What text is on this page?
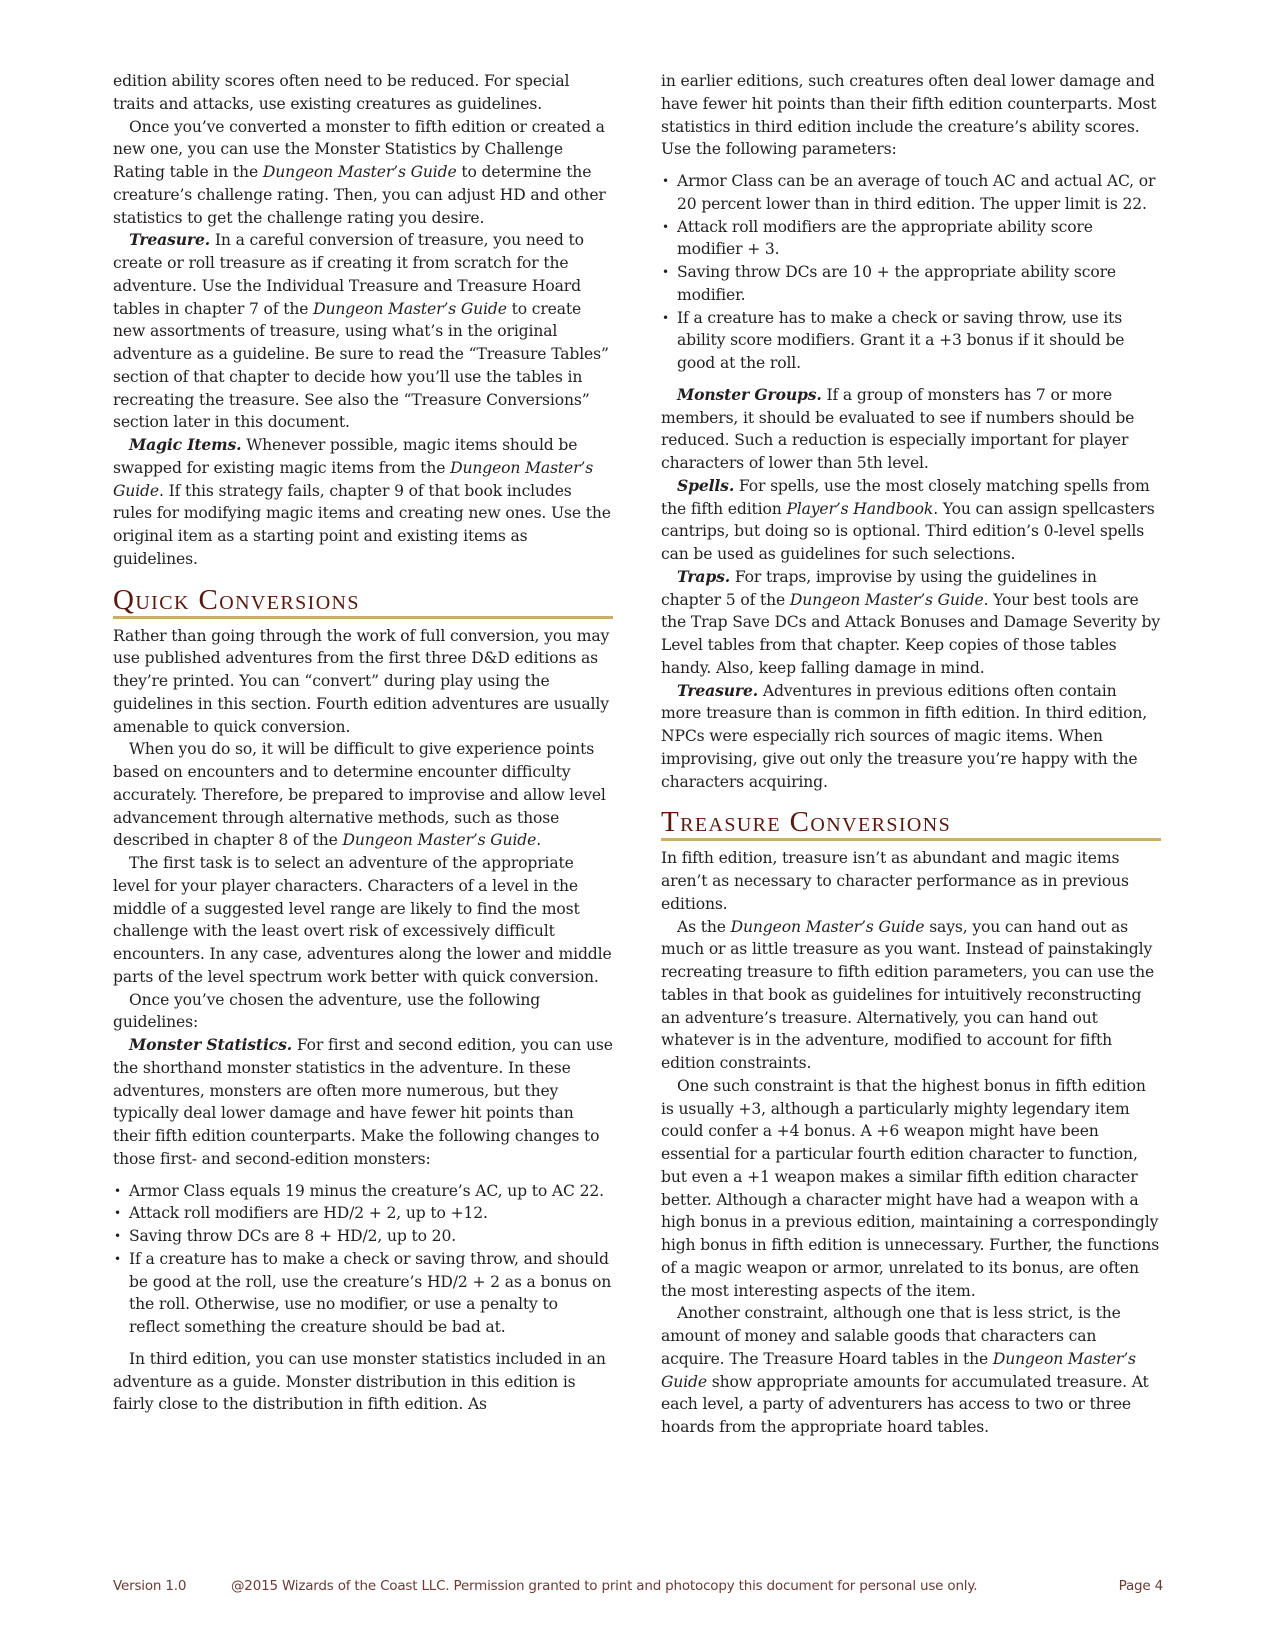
edition ability scores often need to be reduced. For special traits and attacks, use existing creatures as guidelines.

Once you’ve converted a monster to fifth edition or created a new one, you can use the Monster Statistics by Challenge Rating table in the Dungeon Master’s Guide to determine the creature’s challenge rating. Then, you can adjust HD and other statistics to get the challenge rating you desire.

Treasure. In a careful conversion of treasure, you need to create or roll treasure as if creating it from scratch for the adventure. Use the Individual Treasure and Treasure Hoard tables in chapter 7 of the Dungeon Master’s Guide to create new assortments of treasure, using what’s in the original adventure as a guideline. Be sure to read the “Treasure Tables” section of that chapter to decide how you’ll use the tables in recreating the treasure. See also the “Treasure Conversions” section later in this document.

Magic Items. Whenever possible, magic items should be swapped for existing magic items from the Dungeon Master’s Guide. If this strategy fails, chapter 9 of that book includes rules for modifying magic items and creating new ones. Use the original item as a starting point and existing items as guidelines.

Quick Conversions

Rather than going through the work of full conversion, you may use published adventures from the first three D&D editions as they’re printed. You can “convert” during play using the guidelines in this section. Fourth edition adventures are usually amenable to quick conversion.

When you do so, it will be difficult to give experience points based on encounters and to determine encounter difficulty accurately. Therefore, be prepared to improvise and allow level advancement through alternative methods, such as those described in chapter 8 of the Dungeon Master’s Guide.

The first task is to select an adventure of the appropriate level for your player characters. Characters of a level in the middle of a suggested level range are likely to find the most challenge with the least overt risk of excessively difficult encounters. In any case, adventures along the lower and middle parts of the level spectrum work better with quick conversion.

Once you’ve chosen the adventure, use the following guidelines:

Monster Statistics. For first and second edition, you can use the shorthand monster statistics in the adventure. In these adventures, monsters are often more numerous, but they typically deal lower damage and have fewer hit points than their fifth edition counterparts. Make the following changes to those first- and second-edition monsters:

• Armor Class equals 19 minus the creature’s AC, up to AC 22.
• Attack roll modifiers are HD/2 + 2, up to +12.
• Saving throw DCs are 8 + HD/2, up to 20.
• If a creature has to make a check or saving throw, and should be good at the roll, use the creature’s HD/2 + 2 as a bonus on the roll. Otherwise, use no modifier, or use a penalty to reflect something the creature should be bad at.

In third edition, you can use monster statistics included in an adventure as a guide. Monster distribution in this edition is fairly close to the distribution in fifth edition. As

in earlier editions, such creatures often deal lower damage and have fewer hit points than their fifth edition counterparts. Most statistics in third edition include the creature’s ability scores. Use the following parameters:

• Armor Class can be an average of touch AC and actual AC, or 20 percent lower than in third edition. The upper limit is 22.
• Attack roll modifiers are the appropriate ability score modifier + 3.
• Saving throw DCs are 10 + the appropriate ability score modifier.
• If a creature has to make a check or saving throw, use its ability score modifiers. Grant it a +3 bonus if it should be good at the roll.

Monster Groups. If a group of monsters has 7 or more members, it should be evaluated to see if numbers should be reduced. Such a reduction is especially important for player characters of lower than 5th level.

Spells. For spells, use the most closely matching spells from the fifth edition Player’s Handbook. You can assign spellcasters cantrips, but doing so is optional. Third edition’s 0-level spells can be used as guidelines for such selections.

Traps. For traps, improvise by using the guidelines in chapter 5 of the Dungeon Master’s Guide. Your best tools are the Trap Save DCs and Attack Bonuses and Damage Severity by Level tables from that chapter. Keep copies of those tables handy. Also, keep falling damage in mind.

Treasure. Adventures in previous editions often contain more treasure than is common in fifth edition. In third edition, NPCs were especially rich sources of magic items. When improvising, give out only the treasure you’re happy with the characters acquiring.

Treasure Conversions

In fifth edition, treasure isn’t as abundant and magic items aren’t as necessary to character performance as in previous editions.

As the Dungeon Master’s Guide says, you can hand out as much or as little treasure as you want. Instead of painstakingly recreating treasure to fifth edition parameters, you can use the tables in that book as guidelines for intuitively reconstructing an adventure’s treasure. Alternatively, you can hand out whatever is in the adventure, modified to account for fifth edition constraints.

One such constraint is that the highest bonus in fifth edition is usually +3, although a particularly mighty legendary item could confer a +4 bonus. A +6 weapon might have been essential for a particular fourth edition character to function, but even a +1 weapon makes a similar fifth edition character better. Although a character might have had a weapon with a high bonus in a previous edition, maintaining a correspondingly high bonus in fifth edition is unnecessary. Further, the functions of a magic weapon or armor, unrelated to its bonus, are often the most interesting aspects of the item.

Another constraint, although one that is less strict, is the amount of money and salable goods that characters can acquire. The Treasure Hoard tables in the Dungeon Master’s Guide show appropriate amounts for accumulated treasure. At each level, a party of adventurers has access to two or three hoards from the appropriate hoard tables.

Version 1.0	@2015 Wizards of the Coast LLC. Permission granted to print and photocopy this document for personal use only.	Page 4
